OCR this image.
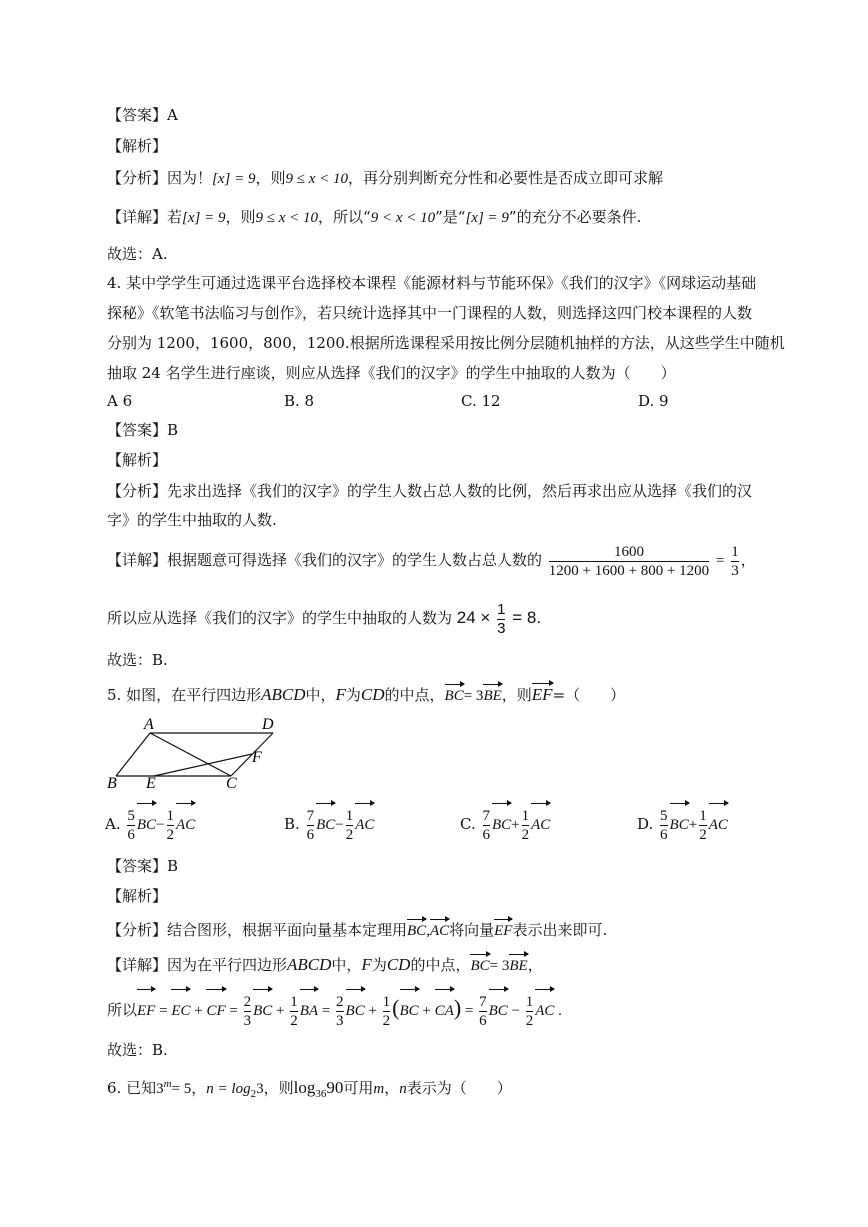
【答案】A
【解析】
【分析】因为！[x] = 9，则9 ≤ x < 10，再分别判断充分性和必要性是否成立即可求解
【详解】若[x] = 9，则9 ≤ x < 10，所以“9 < x < 10”是“[x] = 9”的充分不必要条件.
故选：A.
4. 某中学学生可通过选课平台选择校本课程《能源材料与节能环保》《我们的汉字》《网球运动基础
探秘》《软笔书法临习与创作》，若只统计选择其中一门课程的人数，则选择这四门校本课程的人数
分别为 1200，1600，800，1200.根据所选课程采用按比例分层随机抽样的方法，从这些学生中随机
抽取 24 名学生进行座谈，则应从选择《我们的汉字》的学生中抽取的人数为（　　）
A 6	B. 8	C. 12	D. 9
【答案】B
【解析】
【分析】先求出选择《我们的汉字》的学生人数占总人数的比例，然后再求出应从选择《我们的汉
字》的学生中抽取的人数.
【详解】根据题意可得选择《我们的汉字》的学生人数占总人数的 $\frac{1600}{1200 + 1600 + 800 + 1200} = \frac{1}{3}$ ，
所以应从选择《我们的汉字》的学生中抽取的人数为 $24 \times \frac{1}{3} = 8$.
故选：B.
5. 如图，在平行四边形ABCD中，F为CD的中点，BC= 3BE，则EF=（　　）
A	D
F
B E	C
A. $\frac{5}{6} BC- \frac{1}{2}$ AC	B. $\frac{7}{6} BC- \frac{1}{2}$ AC	C. $\frac{7}{6} BC+ \frac{1}{2}$ AC	D. $\frac{5}{6} BC+ \frac{1}{2}$ AC
【答案】B
【解析】
【分析】结合图形，根据平面向量基本定理用BC,AC将向量EF表示出来即可.
【详解】因为在平行四边形ABCD中，F为CD的中点，BC= 3BE，
所以EF = EC + CF = $\frac{2}{3}$ BC + $\frac{1}{2}$ BA = $\frac{2}{3}$ BC + $\frac{1}{2} (BC + CA) = \frac{7}{6}$ BC − $\frac{1}{2}$ AC .
故选：B.
6. 已知$3^m= 5$，$n = \log_23$，则$\log_{36}90$可用m，n表示为（　　）
